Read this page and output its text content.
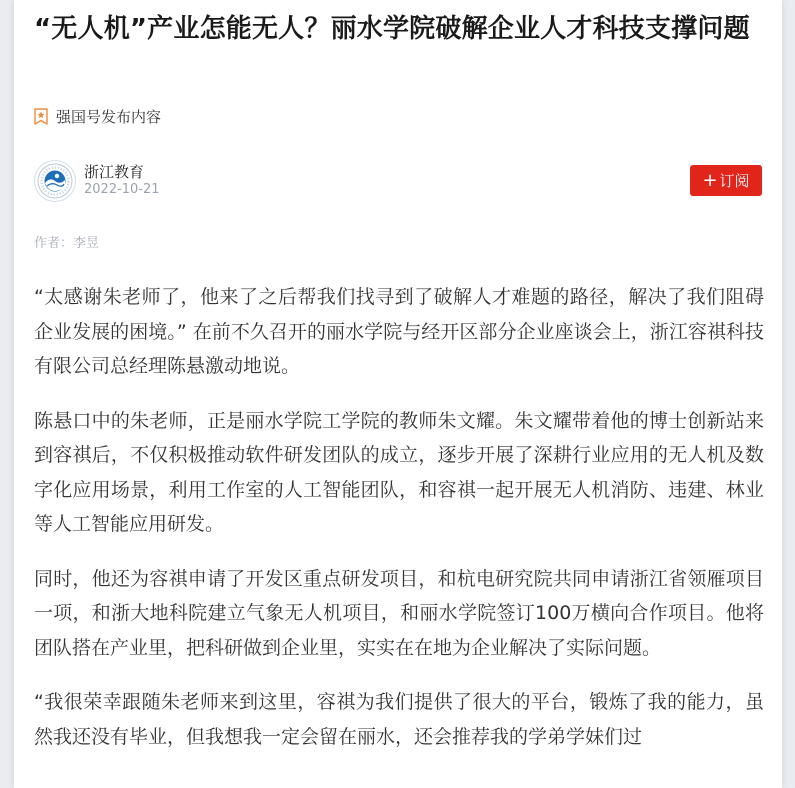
“无人机”产业怎能无人？丽水学院破解企业人才科技支撑问题
强国号发布内容
浙江教育
2022-10-21	+ 订阅
作者：李昱

“太感谢朱老师了，他来了之后帮我们找寻到了破解人才难题的路径，解决了我们阻碍企业发展的困境。” 在前不久召开的丽水学院与经开区部分企业座谈会上，浙江容祺科技有限公司总经理陈悬激动地说。

陈悬口中的朱老师，正是丽水学院工学院的教师朱文耀。朱文耀带着他的博士创新站来到容祺后，不仅积极推动软件研发团队的成立，逐步开展了深耕行业应用的无人机及数字化应用场景，利用工作室的人工智能团队，和容祺一起开展无人机消防、违建、林业等人工智能应用研发。

同时，他还为容祺申请了开发区重点研发项目，和杭电研究院共同申请浙江省领雁项目一项，和浙大地科院建立气象无人机项目，和丽水学院签订100万横向合作项目。他将团队搭在产业里，把科研做到企业里，实实在在地为企业解决了实际问题。

“我很荣幸跟随朱老师来到这里，容祺为我们提供了很大的平台，锻炼了我的能力，虽然我还没有毕业，但我想我一定会留在丽水，还会推荐我的学弟学妹们过
